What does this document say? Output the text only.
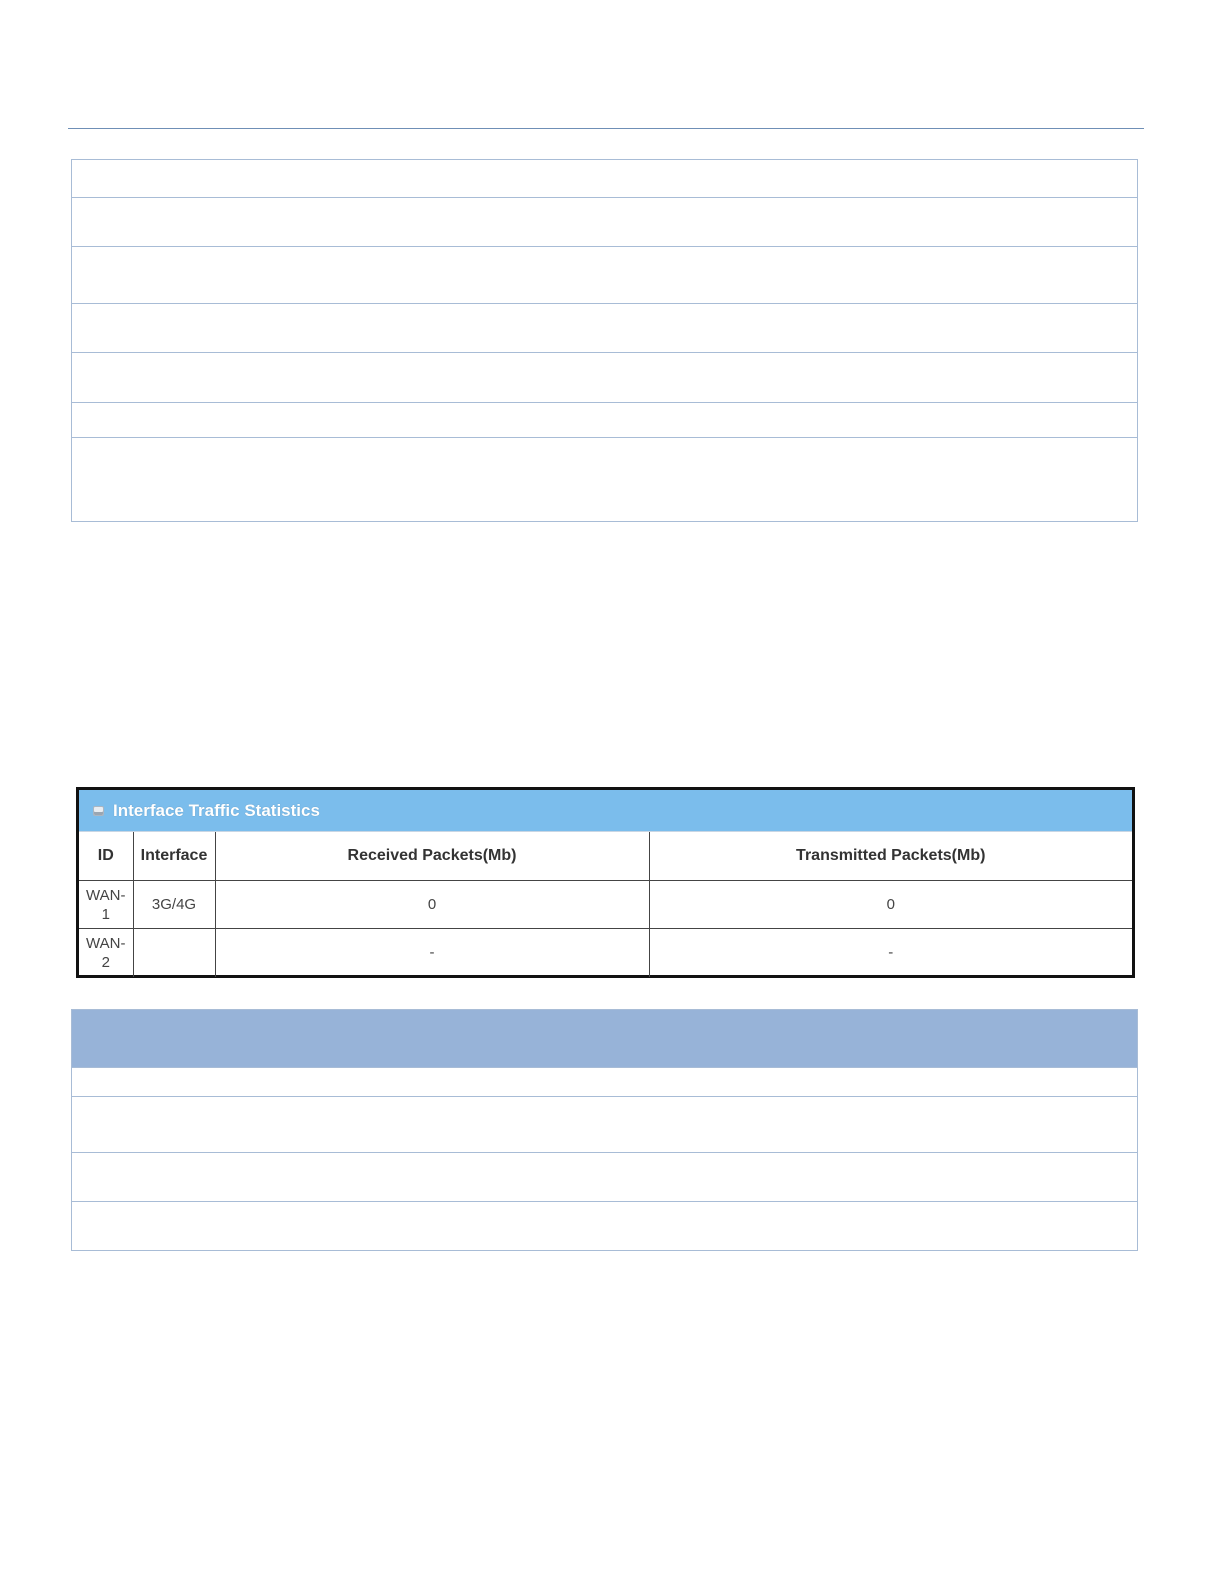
Interface Traffic Statistics
ID	Interface	Received Packets(Mb)	Transmitted Packets(Mb)

WAN-
1	3G/4G	0	0

WAN-
2		-	-
